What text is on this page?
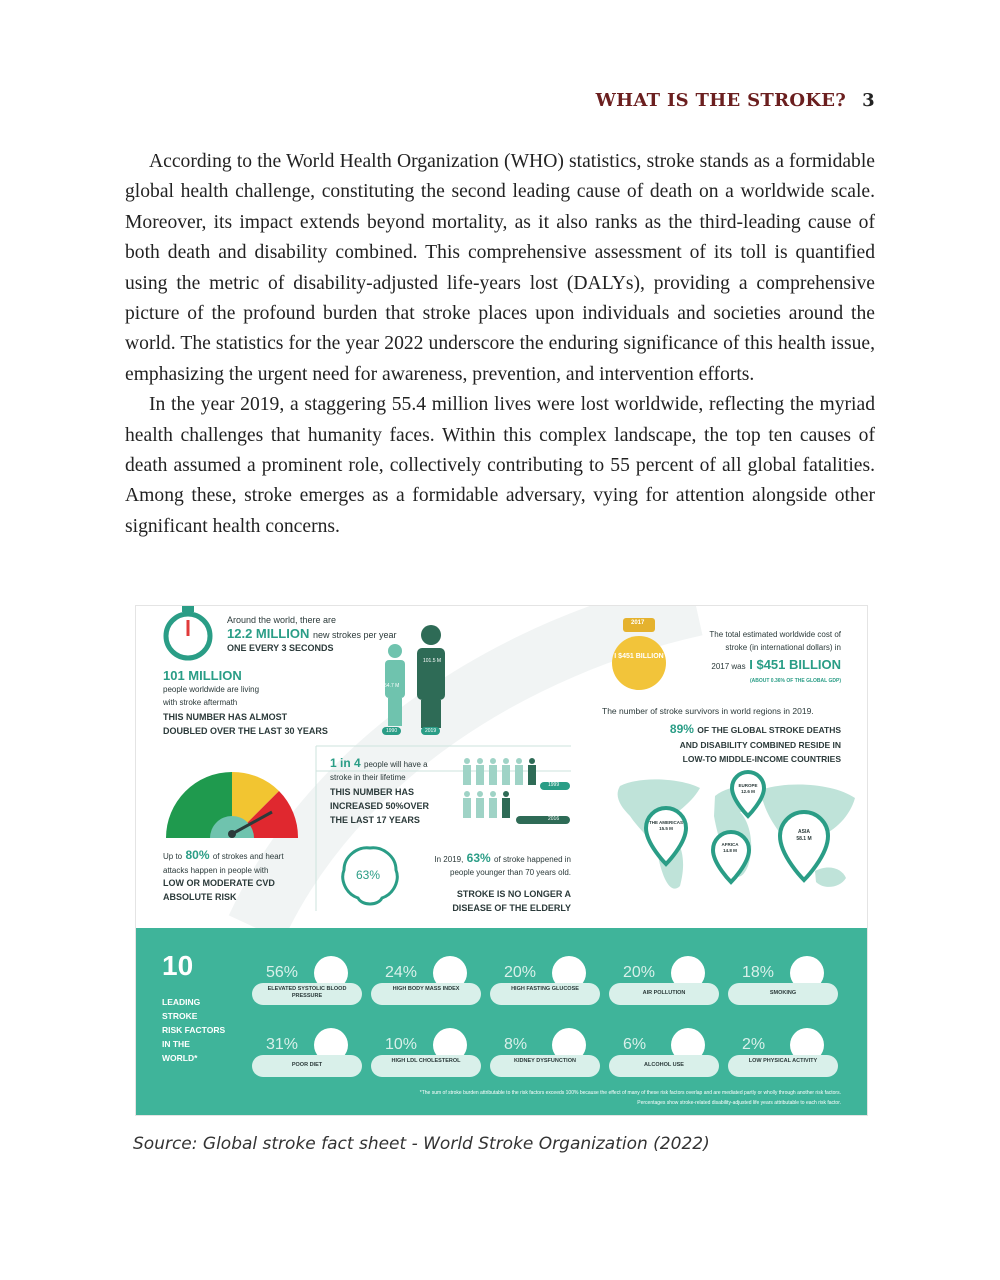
WHAT IS THE STROKE? 3

According to the World Health Organization (WHO) statistics, stroke stands as a formidable global health challenge, constituting the second leading cause of death on a worldwide scale. Moreover, its impact extends beyond mortality, as it also ranks as the third-leading cause of both death and disability combined. This comprehensive assessment of its toll is quantified using the metric of disability-adjusted life-years lost (DALYs), providing a comprehensive picture of the profound burden that stroke places upon individuals and societies around the world. The statistics for the year 2022 underscore the enduring significance of this health issue, emphasizing the urgent need for awareness, prevention, and intervention efforts.

In the year 2019, a staggering 55.4 million lives were lost worldwide, reflecting the myriad health challenges that humanity faces. Within this complex landscape, the top ten causes of death assumed a prominent role, collectively contributing to 55 percent of all global fatalities. Among these, stroke emerges as a formidable adversary, vying for attention alongside other significant health concerns.

Around the world, there are
12.2 MILLION new strokes per year
ONE EVERY 3 SECONDS
101 MILLION
people worldwide are living
with stroke aftermath
THIS NUMBER HAS ALMOST
DOUBLED OVER THE LAST 30 YEARS
54.7 M
101.5 M
1990	2019
2017
I $451 BILLION
The total estimated worldwide cost of
stroke (in international dollars) in
2017 was I $451 BILLION
(ABOUT 0.36% OF THE GLOBAL GDP)
The number of stroke survivors in world regions in 2019.
89% OF THE GLOBAL STROKE DEATHS
AND DISABILITY COMBINED RESIDE IN
LOW-TO MIDDLE-INCOME COUNTRIES
EUROPE
12.6 M
THE AMERICAS
15.5 M
AFRICA
14.8 M
ASIA
58.1 M
1 in 4 people will have a
stroke in their lifetime
THIS NUMBER HAS
INCREASED 50%OVER
THE LAST 17 YEARS
1999
2016
Up to 80% of strokes and heart
attacks happen in people with
LOW OR MODERATE CVD
ABSOLUTE RISK
63%
In 2019, 63% of stroke happened in
people younger than 70 years old.
STROKE IS NO LONGER A
DISEASE OF THE ELDERLY
10
LEADING
STROKE
RISK FACTORS
IN THE
WORLD*
56%
ELEVATED SYSTOLIC BLOOD PRESSURE
24%
HIGH BODY MASS INDEX
20%
HIGH FASTING GLUCOSE
20%
AIR POLLUTION
18%
SMOKING
31%
POOR DIET
10%
HIGH LDL CHOLESTEROL
8%
KIDNEY DYSFUNCTION
6%
ALCOHOL USE
2%
LOW PHYSICAL ACTIVITY
*The sum of stroke burden attributable to the risk factors exceeds 100% because the effect of many of these risk factors overlap and are mediated partly or wholly through another risk factors.
Percentages show stroke-related disability-adjusted life years attributable to each risk factor.
Source: Global stroke fact sheet - World Stroke Organization (2022)
